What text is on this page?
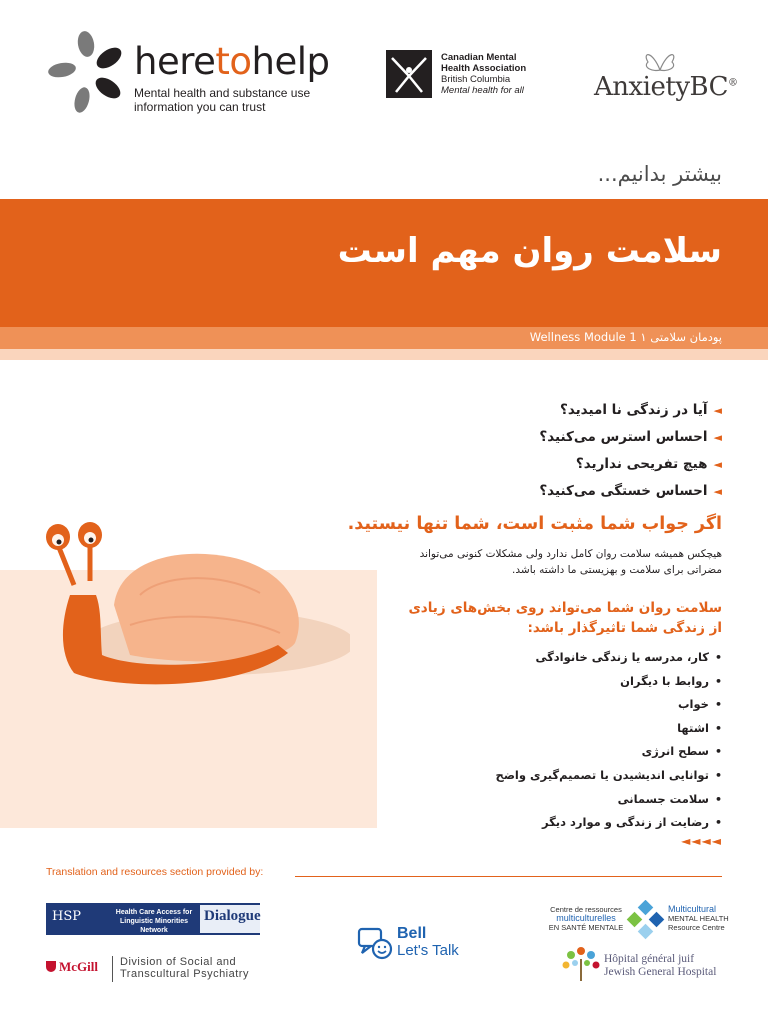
heretohelp
Mental health and substance use
information you can trust
Canadian Mental
Health Association
British Columbia
Mental health for all	AnxietyBC®
بیشتر بدانیم...
سلامت روان مهم است
پودمان سلامتی ۱ Wellness Module 1
◄آیا در زندگی نا امیدید؟
◄احساس استرس می‌کنید؟
◄هیچ تفریحی ندارید؟
◄احساس خستگی می‌کنید؟
اگر جواب شما مثبت است، شما تنها نیستید.
هیچکس همیشه سلامت روان کامل ندارد ولی مشکلات کنونی می‌تواند مضراتی برای سلامت و بهزیستی ما داشته باشد.
سلامت روان شما می‌تواند روی بخش‌های زیادی از زندگی شما تاثیرگذار باشد:
•کار، مدرسه یا زندگی خانوادگی
•روابط با دیگران
•خواب
•اشتها
•سطح انرژی
•توانایی اندیشیدن یا تصمیم‌گیری واضح
•سلامت جسمانی
•رضایت از زندگی و موارد دیگر
◄◄◄◄
Translation and resources section provided by:
HSP	Health Care Access for
Linguistic Minorities Network
Dialogue
McGill Division of Social and
Transcultural Psychiatry
Bell
Let's Talk
Centre de ressources
multiculturelles
EN SANTÉ MENTALE
Multicultural
MENTAL HEALTH
Resource Centre
Hôpital général juif
Jewish General Hospital
